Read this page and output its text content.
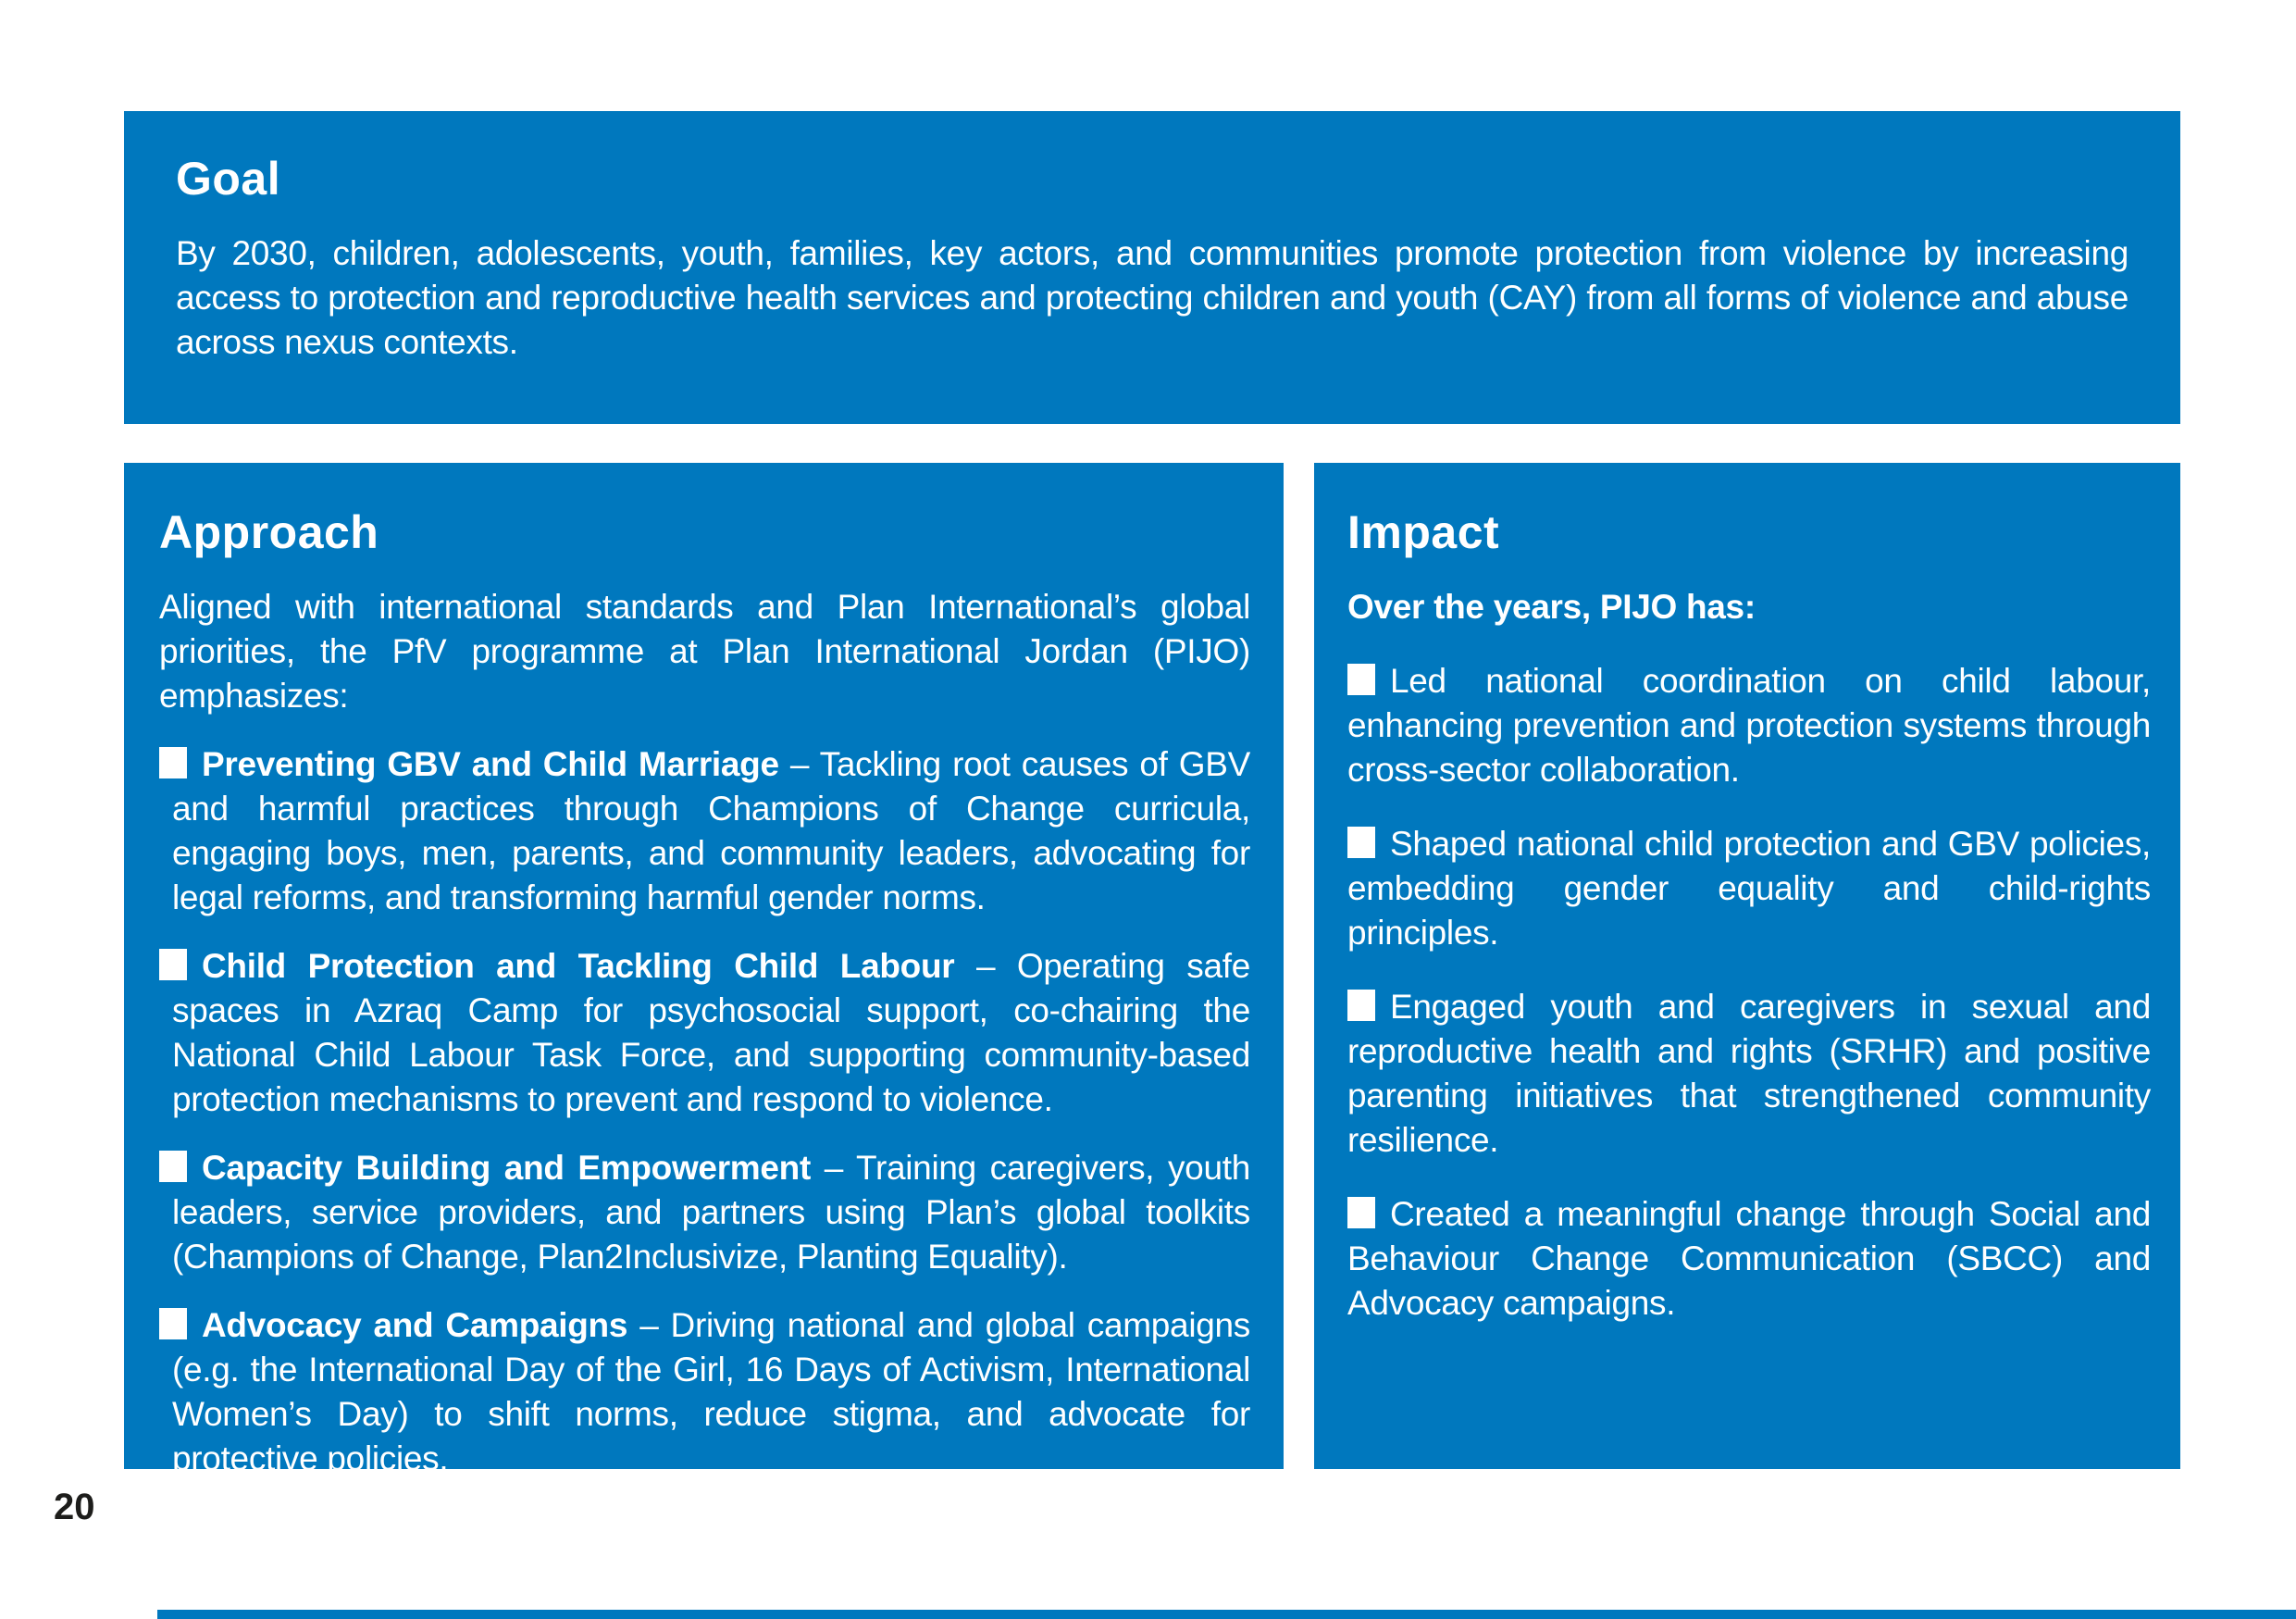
Goal

By 2030, children, adolescents, youth, families, key actors, and communities promote protection from violence by increasing access to protection and reproductive health services and protecting children and youth (CAY) from all forms of violence and abuse across nexus contexts.

Approach

Aligned with international standards and Plan International’s global priorities, the PfV programme at Plan International Jordan (PIJO) emphasizes:

Preventing GBV and Child Marriage – Tackling root causes of GBV and harmful practices through Champions of Change curricula, engaging boys, men, parents, and community leaders, advocating for legal reforms, and transforming harmful gender norms.

Child Protection and Tackling Child Labour – Operating safe spaces in Azraq Camp for psychosocial support, co-chairing the National Child Labour Task Force, and supporting community-based protection mechanisms to prevent and respond to violence.

Capacity Building and Empowerment – Training caregivers, youth leaders, service providers, and partners using Plan’s global toolkits (Champions of Change, Plan2Inclusivize, Planting Equality).

Advocacy and Campaigns – Driving national and global campaigns (e.g. the International Day of the Girl, 16 Days of Activism, International Women’s Day) to shift norms, reduce stigma, and advocate for protective policies.

Impact

Over the years, PIJO has:

Led national coordination on child labour, enhancing prevention and protection systems through cross-sector collaboration.

Shaped national child protection and GBV policies, embedding gender equality and child-rights principles.

Engaged youth and caregivers in sexual and reproductive health and rights (SRHR) and positive parenting initiatives that strengthened community resilience.

Created a meaningful change through Social and Behaviour Change Communication (SBCC) and Advocacy campaigns.

20
